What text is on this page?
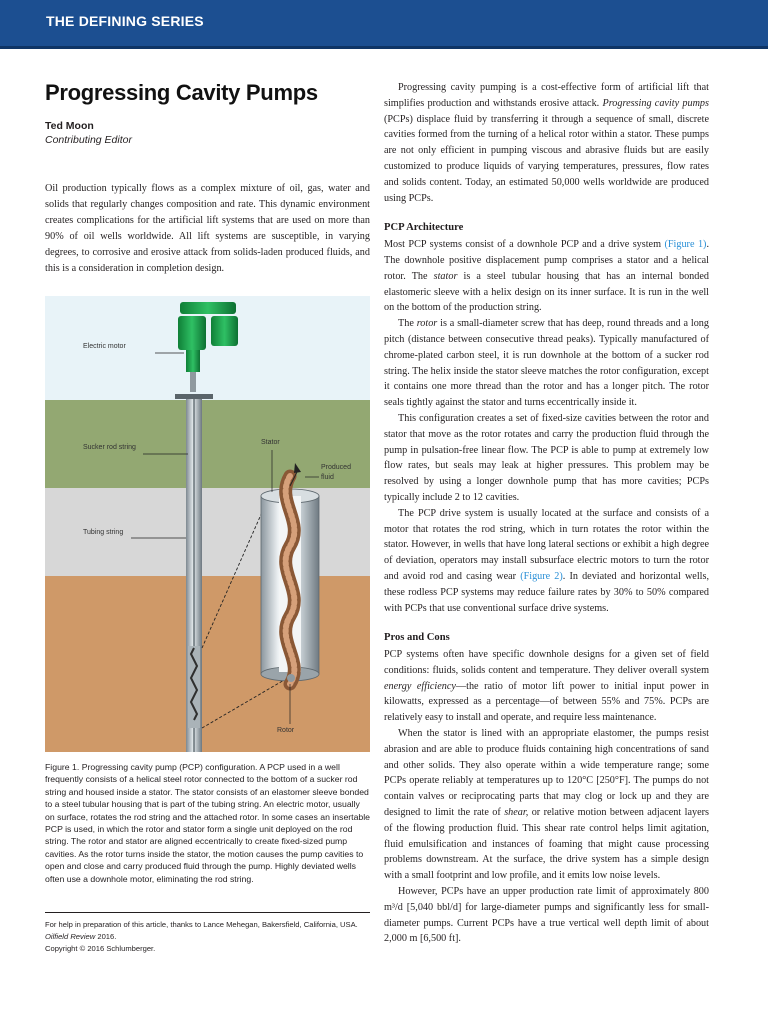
THE DEFINING SERIES
Progressing Cavity Pumps
Ted Moon
Contributing Editor

Oil production typically flows as a complex mixture of oil, gas, water and solids that regularly changes composition and rate. This dynamic environment creates complications for the artificial lift systems that are used on more than 90% of oil wells worldwide. All lift systems are susceptible, in varying degrees, to corrosive and erosive attack from solids-laden produced fluids, and this is a consideration in completion design.

Electric motor
Sucker rod string
Tubing string
Stator
Produced
fluid
Rotor

Figure 1. Progressing cavity pump (PCP) configuration. A PCP used in a well frequently consists of a helical steel rotor connected to the bottom of a sucker rod string and housed inside a stator. The stator consists of an elastomer sleeve bonded to a steel tubular housing that is part of the tubing string. An electric motor, usually on surface, rotates the rod string and the attached rotor. In some cases an insertable PCP is used, in which the rotor and stator form a single unit deployed on the rod string. The rotor and stator are aligned eccentrically to create fixed-sized pump cavities. As the rotor turns inside the stator, the motion causes the pump cavities to open and close and carry produced fluid through the pump. Highly deviated wells often use a downhole motor, eliminating the rod string.

For help in preparation of this article, thanks to Lance Mehegan, Bakersfield, California, USA.
Oilfield Review 2016.
Copyright © 2016 Schlumberger.

Progressing cavity pumping is a cost-effective form of artificial lift that simplifies production and withstands erosive attack. Progressing cavity pumps (PCPs) displace fluid by transferring it through a sequence of small, discrete cavities formed from the turning of a helical rotor within a stator. These pumps are not only efficient in pumping viscous and abrasive fluids but are easily customized to produce liquids of varying temperatures, pressures, flow rates and solids content. Today, an estimated 50,000 wells worldwide are produced using PCPs.

PCP Architecture

Most PCP systems consist of a downhole PCP and a drive system (Figure 1). The downhole positive displacement pump comprises a stator and a helical rotor. The stator is a steel tubular housing that has an internal bonded elastomeric sleeve with a helix design on its inner surface. It is run in the well on the bottom of the production string.

The rotor is a small-diameter screw that has deep, round threads and a long pitch (distance between consecutive thread peaks). Typically manufactured of chrome-plated carbon steel, it is run downhole at the bottom of a sucker rod string. The helix inside the stator sleeve matches the rotor configuration, except it contains one more thread than the rotor and has a longer pitch. The rotor seals tightly against the stator and turns eccentrically inside it.

This configuration creates a set of fixed-size cavities between the rotor and stator that move as the rotor rotates and carry the production fluid through the pump in pulsation-free linear flow. The PCP is able to pump at extremely low flow rates, but seals may leak at higher pressures. This problem may be resolved by using a longer downhole pump that has more cavities; PCPs typically include 2 to 12 cavities.

The PCP drive system is usually located at the surface and consists of a motor that rotates the rod string, which in turn rotates the rotor within the stator. However, in wells that have long lateral sections or exhibit a high degree of deviation, operators may install subsurface electric motors to turn the rotor and avoid rod and casing wear (Figure 2). In deviated and horizontal wells, these rodless PCP systems may reduce failure rates by 30% to 50% compared with PCPs that use conventional surface drive systems.

Pros and Cons

PCP systems often have specific downhole designs for a given set of field conditions: fluids, solids content and temperature. They deliver overall system energy efficiency—the ratio of motor lift power to initial input power in kilowatts, expressed as a percentage—of between 55% and 75%. PCPs are relatively easy to install and operate, and require less maintenance.

When the stator is lined with an appropriate elastomer, the pumps resist abrasion and are able to produce fluids containing high concentrations of sand and other solids. They also operate within a wide temperature range; some PCPs operate reliably at temperatures up to 120°C [250°F]. The pumps do not contain valves or reciprocating parts that may clog or lock up and they are designed to limit the rate of shear, or relative motion between adjacent layers of the flowing production fluid. This shear rate control helps limit agitation, fluid emulsification and instances of foaming that might cause processing problems downstream. At the surface, the drive system has a simple design with a small footprint and low profile, and it emits low noise levels.

However, PCPs have an upper production rate limit of approximately 800 m³/d [5,040 bbl/d] for large-diameter pumps and significantly less for small-diameter pumps. Current PCPs have a true vertical well depth limit of about 2,000 m [6,500 ft].
